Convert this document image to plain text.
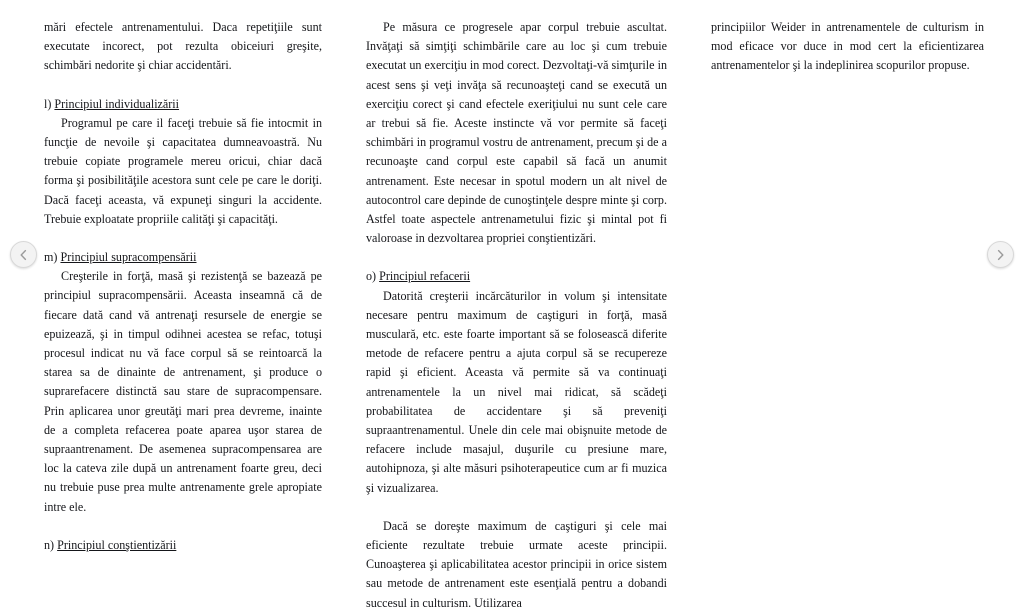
mări efectele antrenamentului. Daca repetiţiile sunt executate incorect, pot rezulta obiceiuri greşite, schimbări nedorite şi chiar accidentări.

l) Principiul individualizării

Programul pe care il faceţi trebuie să fie intocmit in funcţie de nevoile şi capacitatea dumneavoastră. Nu trebuie copiate programele mereu oricui, chiar dacă forma şi posibilităţile acestora sunt cele pe care le doriţi. Dacă faceţi aceasta, vă expuneţi singuri la accidente. Trebuie exploatate propriile calităţi şi capacităţi.

m) Principiul supracompensării

Creşterile in forţă, masă şi rezistenţă se bazează pe principiul supracompensării. Aceasta inseamnă că de fiecare dată cand vă antrenaţi resursele de energie se epuizează, şi in timpul odihnei acestea se refac, totuşi procesul indicat nu vă face corpul să se reintoarcă la starea sa de dinainte de antrenament, şi produce o suprarefacere distinctă sau stare de supracompensare. Prin aplicarea unor greutăţi mari prea devreme, inainte de a completa refacerea poate aparea uşor starea de supraantrenament. De asemenea supracompensarea are loc la cateva zile după un antrenament foarte greu, deci nu trebuie puse prea multe antrenamente grele apropiate intre ele.

n) Principiul conştientizării

Pe măsura ce progresele apar corpul trebuie ascultat. Invăţaţi să simţiţi schimbările care au loc şi cum trebuie executat un exerciţiu in mod corect. Dezvoltaţi-vă simţurile in acest sens şi veţi invăţa să recunoaşteţi cand se execută un exerciţiu corect şi cand efectele exeriţiului nu sunt cele care ar trebui să fie. Aceste instincte vă vor permite să faceţi schimbări in programul vostru de antrenament, precum şi de a recunoaşte cand corpul este capabil să facă un anumit antrenament. Este necesar in spotul modern un alt nivel de autocontrol care depinde de cunoştinţele despre minte şi corp. Astfel toate aspectele antrenametului fizic şi mintal pot fi valoroase in dezvoltarea propriei conştientizări.

o) Principiul refacerii

Datorită creşterii incărcăturilor in volum şi intensitate necesare pentru maximum de caştiguri in forţă, masă musculară, etc. este foarte important să se folosească diferite metode de refacere pentru a ajuta corpul să se recupereze rapid şi eficient. Aceasta vă permite să va continuaţi antrenamentele la un nivel mai ridicat, să scădeţi probabilitatea de accidentare şi să preveniţi supraantrenamentul. Unele din cele mai obişnuite metode de refacere include masajul, duşurile cu presiune mare, autohipnoza, şi alte măsuri psihoterapeutice cum ar fi muzica şi vizualizarea.

Dacă se doreşte maximum de caştiguri şi cele mai eficiente rezultate trebuie urmate aceste principii. Cunoaşterea şi aplicabilitatea acestor principii in orice sistem sau metode de antrenament este esenţială pentru a dobandi succesul in culturism. Utilizarea

principiilor Weider in antrenamentele de culturism in mod eficace vor duce in mod cert la eficientizarea antrenamentelor şi la indeplinirea scopurilor propuse.
